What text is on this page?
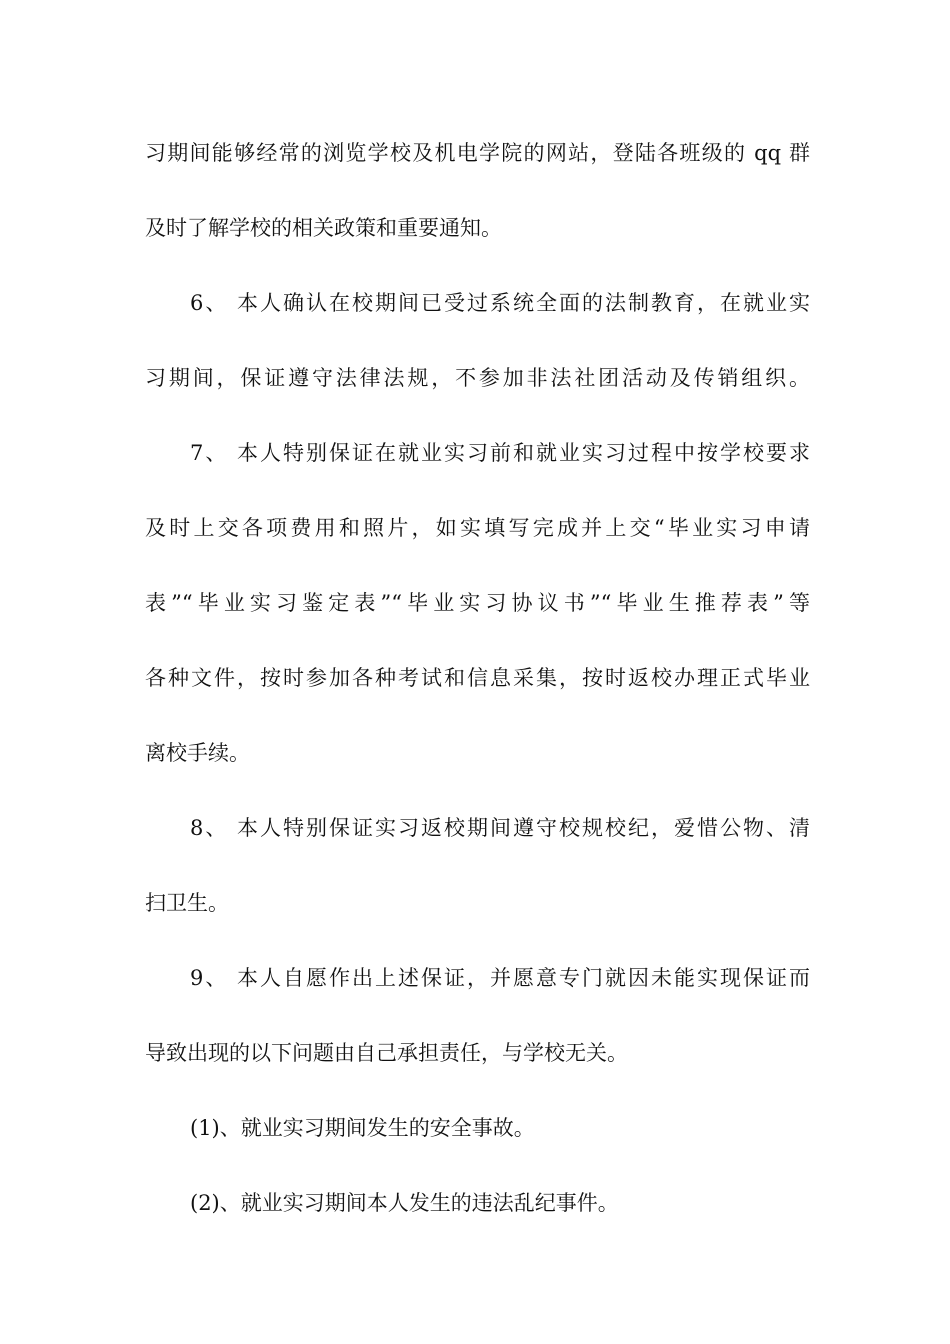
习期间能够经常的浏览学校及机电学院的网站，登陆各班级的 qq 群
及时了解学校的相关政策和重要通知。
6、 本人确认在校期间已受过系统全面的法制教育，在就业实
习期间，保证遵守法律法规，不参加非法社团活动及传销组织。
7、 本人特别保证在就业实习前和就业实习过程中按学校要求
及时上交各项费用和照片，如实填写完成并上交“毕业实习申请
表”“毕业实习鉴定表”“毕业实习协议书”“毕业生推荐表”等
各种文件，按时参加各种考试和信息采集，按时返校办理正式毕业
离校手续。
8、 本人特别保证实习返校期间遵守校规校纪，爱惜公物、清
扫卫生。
9、 本人自愿作出上述保证，并愿意专门就因未能实现保证而
导致出现的以下问题由自己承担责任，与学校无关。
(1)、就业实习期间发生的安全事故。
(2)、就业实习期间本人发生的违法乱纪事件。
